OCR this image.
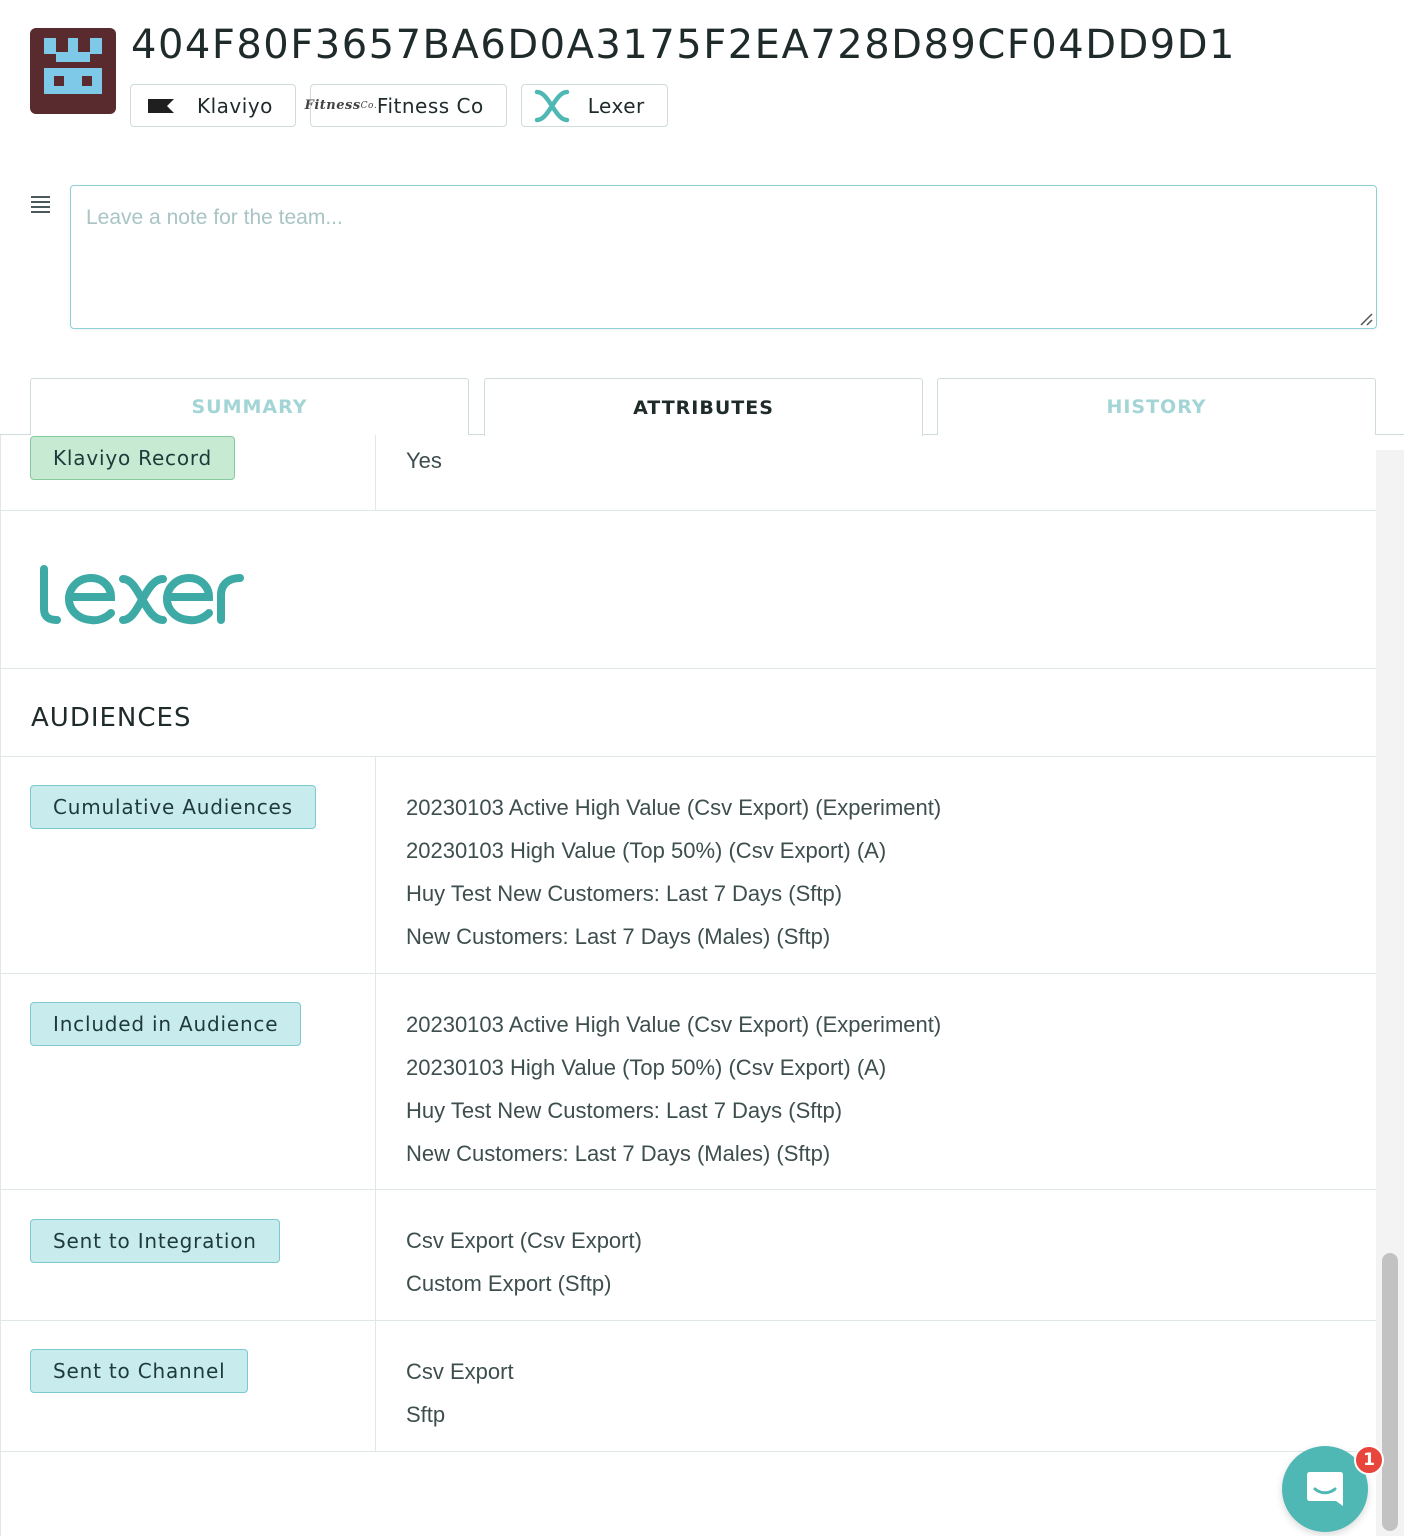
404F80F3657BA6D0A3175F2EA728D89CF04DD9D1
Klaviyo Fitness Co. Fitness Co	Lexer
Leave a note for the team...
SUMMARY	ATTRIBUTES	HISTORY
Klaviyo Record	Yes
AUDIENCES
Cumulative Audiences	20230103 Active High Value (Csv Export) (Experiment)
20230103 High Value (Top 50%) (Csv Export) (A)
Huy Test New Customers: Last 7 Days (Sftp)
New Customers: Last 7 Days (Males) (Sftp)
Included in Audience	20230103 Active High Value (Csv Export) (Experiment)
20230103 High Value (Top 50%) (Csv Export) (A)
Huy Test New Customers: Last 7 Days (Sftp)
New Customers: Last 7 Days (Males) (Sftp)
Sent to Integration	Csv Export (Csv Export)
Custom Export (Sftp)
Sent to Channel	Csv Export
Sftp
1
